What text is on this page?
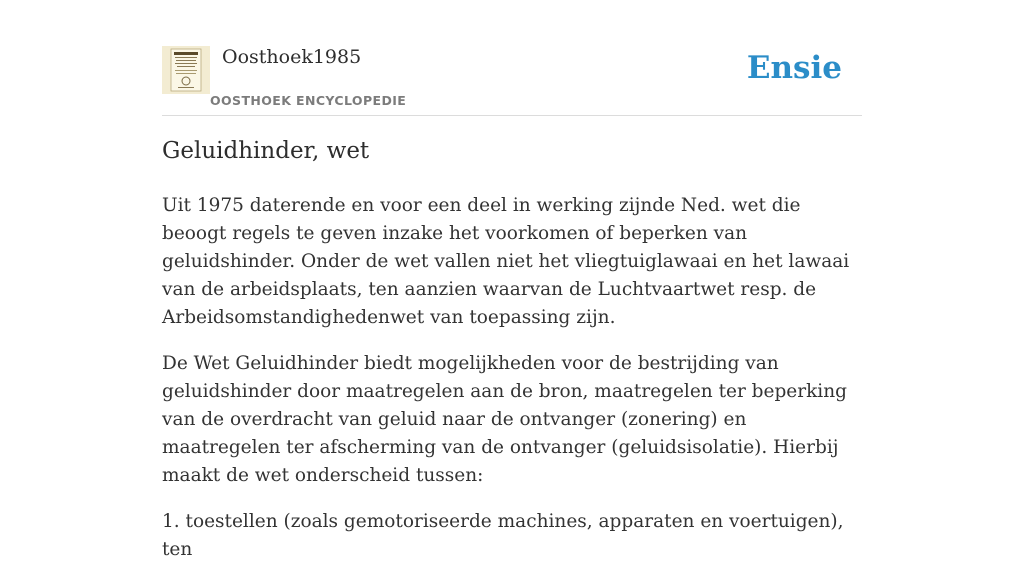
Oosthoek1985
OOSTHOEK ENCYCLOPEDIE
Ensie
Geluidhinder, wet

Uit 1975 daterende en voor een deel in werking zijnde Ned. wet die beoogt regels te geven inzake het voorkomen of beperken van geluidshinder. Onder de wet vallen niet het vliegtuiglawaai en het lawaai van de arbeidsplaats, ten aanzien waarvan de Luchtvaartwet resp. de Arbeidsomstandighedenwet van toepassing zijn.

De Wet Geluidhinder biedt mogelijkheden voor de bestrijding van geluidshinder door maatregelen aan de bron, maatregelen ter beperking van de overdracht van geluid naar de ontvanger (zonering) en maatregelen ter afscherming van de ontvanger (geluidsisolatie). Hierbij maakt de wet onderscheid tussen:

1. toestellen (zoals gemotoriseerde machines, apparaten en voertuigen), ten
